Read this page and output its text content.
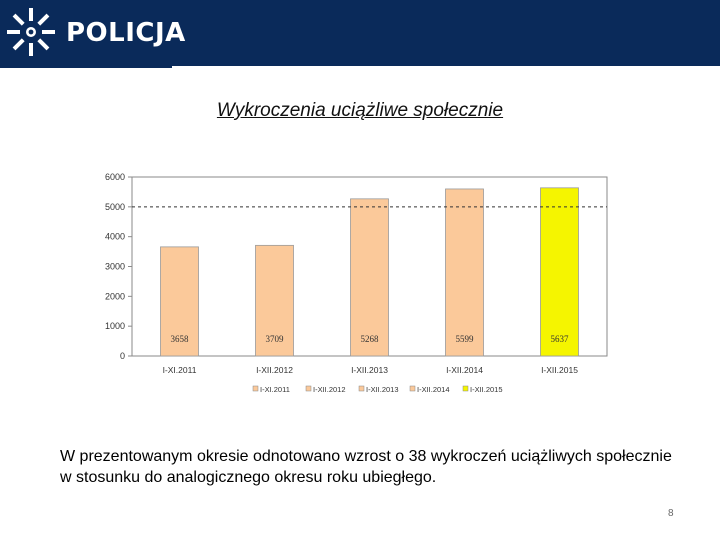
POLICJA
Wykroczenia uciążliwe społecznie
0
1000
2000
3000
4000
5000
6000
3658
I-XI.2011
3709
I-XII.2012
5268
I-XII.2013
5599
I-XII.2014
5637
I-XII.2015
I-XI.2011	I-XII.2012	I-XII.2013 I-XII.2014	I-XII.2015
W prezentowanym okresie odnotowano wzrost o 38 wykroczeń uciążliwych społecznie w stosunku do analogicznego okresu roku ubiegłego.
8
